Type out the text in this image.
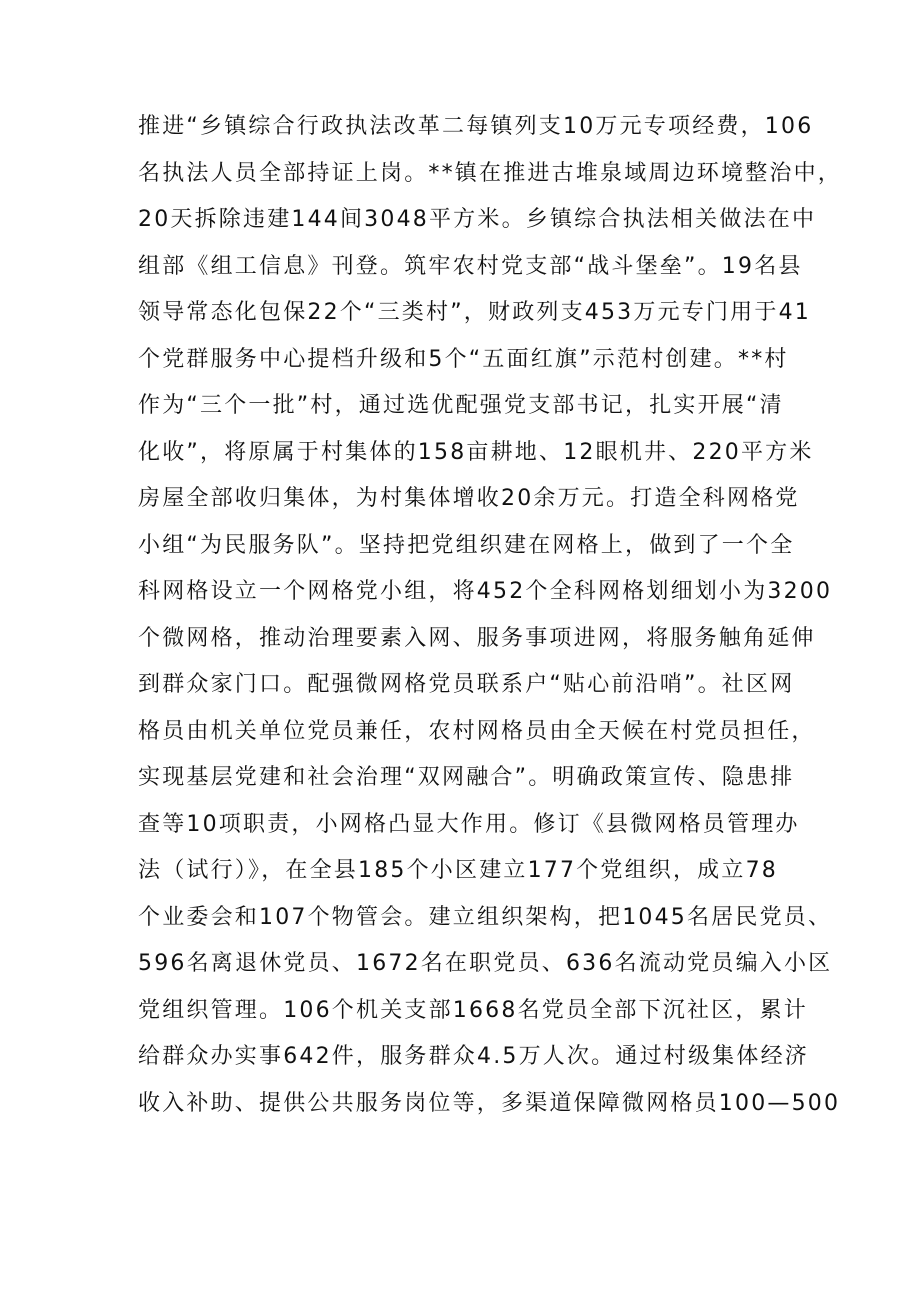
推进“乡镇综合行政执法改革二每镇列支10万元专项经费，106
名执法人员全部持证上岗。**镇在推进古堆泉域周边环境整治中，
20天拆除违建144间3048平方米。乡镇综合执法相关做法在中
组部《组工信息》刊登。筑牢农村党支部“战斗堡垒”。19名县
领导常态化包保22个“三类村”，财政列支453万元专门用于41
个党群服务中心提档升级和5个“五面红旗”示范村创建。**村
作为“三个一批”村，通过选优配强党支部书记，扎实开展“清
化收”，将原属于村集体的158亩耕地、12眼机井、220平方米
房屋全部收归集体，为村集体增收20余万元。打造全科网格党
小组“为民服务队”。坚持把党组织建在网格上，做到了一个全
科网格设立一个网格党小组，将452个全科网格划细划小为3200
个微网格，推动治理要素入网、服务事项进网，将服务触角延伸
到群众家门口。配强微网格党员联系户“贴心前沿哨”。社区网
格员由机关单位党员兼任，农村网格员由全天候在村党员担任，
实现基层党建和社会治理“双网融合”。明确政策宣传、隐患排
查等10项职责，小网格凸显大作用。修订《县微网格员管理办
法（试行）》，在全县185个小区建立177个党组织，成立78
个业委会和107个物管会。建立组织架构，把1045名居民党员、
596名离退休党员、1672名在职党员、636名流动党员编入小区
党组织管理。106个机关支部1668名党员全部下沉社区，累计
给群众办实事642件，服务群众4.5万人次。通过村级集体经济
收入补助、提供公共服务岗位等，多渠道保障微网格员100—500
